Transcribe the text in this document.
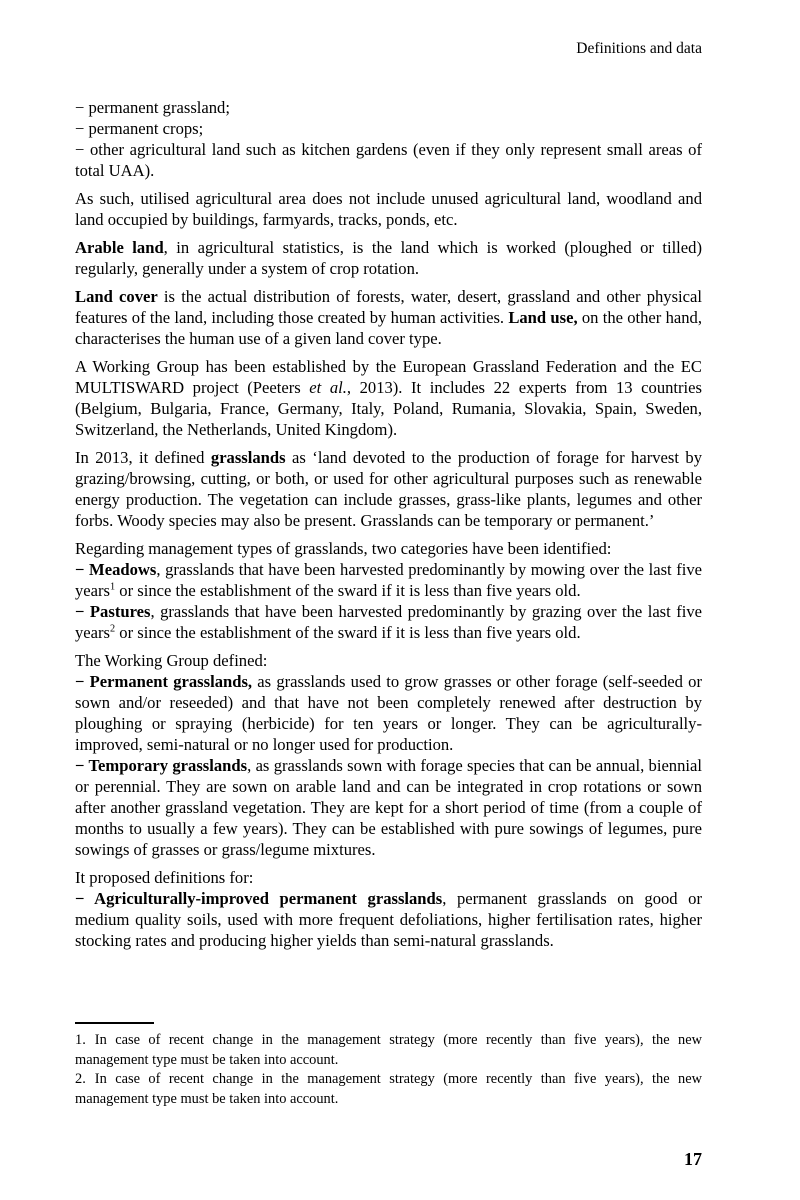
Definitions and data

− permanent grassland;

− permanent crops;

− other agricultural land such as kitchen gardens (even if they only represent small areas of total UAA).

As such, utilised agricultural area does not include unused agricultural land, woodland and land occupied by buildings, farmyards, tracks, ponds, etc.

Arable land, in agricultural statistics, is the land which is worked (ploughed or tilled) regularly, generally under a system of crop rotation.

Land cover is the actual distribution of forests, water, desert, grassland and other physical features of the land, including those created by human activities. Land use, on the other hand, characterises the human use of a given land cover type.

A Working Group has been established by the European Grassland Federation and the EC MULTISWARD project (Peeters et al., 2013). It includes 22 experts from 13 countries (Belgium, Bulgaria, France, Germany, Italy, Poland, Rumania, Slovakia, Spain, Sweden, Switzerland, the Netherlands, United Kingdom).

In 2013, it defined grasslands as ‘land devoted to the production of forage for harvest by grazing/browsing, cutting, or both, or used for other agricultural purposes such as renewable energy production. The vegetation can include grasses, grass-like plants, legumes and other forbs. Woody species may also be present. Grasslands can be temporary or permanent.’

Regarding management types of grasslands, two categories have been identified:

− Meadows, grasslands that have been harvested predominantly by mowing over the last five years$^1$ or since the establishment of the sward if it is less than five years old.

− Pastures, grasslands that have been harvested predominantly by grazing over the last five years$^2$ or since the establishment of the sward if it is less than five years old.

The Working Group defined:

− Permanent grasslands, as grasslands used to grow grasses or other forage (self-seeded or sown and/or reseeded) and that have not been completely renewed after destruction by ploughing or spraying (herbicide) for ten years or longer. They can be agriculturally-improved, semi-natural or no longer used for production.

− Temporary grasslands, as grasslands sown with forage species that can be annual, biennial or perennial. They are sown on arable land and can be integrated in crop rotations or sown after another grassland vegetation. They are kept for a short period of time (from a couple of months to usually a few years). They can be established with pure sowings of legumes, pure sowings of grasses or grass/legume mixtures.

It proposed definitions for:

− Agriculturally-improved permanent grasslands, permanent grasslands on good or medium quality soils, used with more frequent defoliations, higher fertilisation rates, higher stocking rates and producing higher yields than semi-natural grasslands.

1. In case of recent change in the management strategy (more recently than five years), the new management type must be taken into account.

2. In case of recent change in the management strategy (more recently than five years), the new management type must be taken into account.

17
